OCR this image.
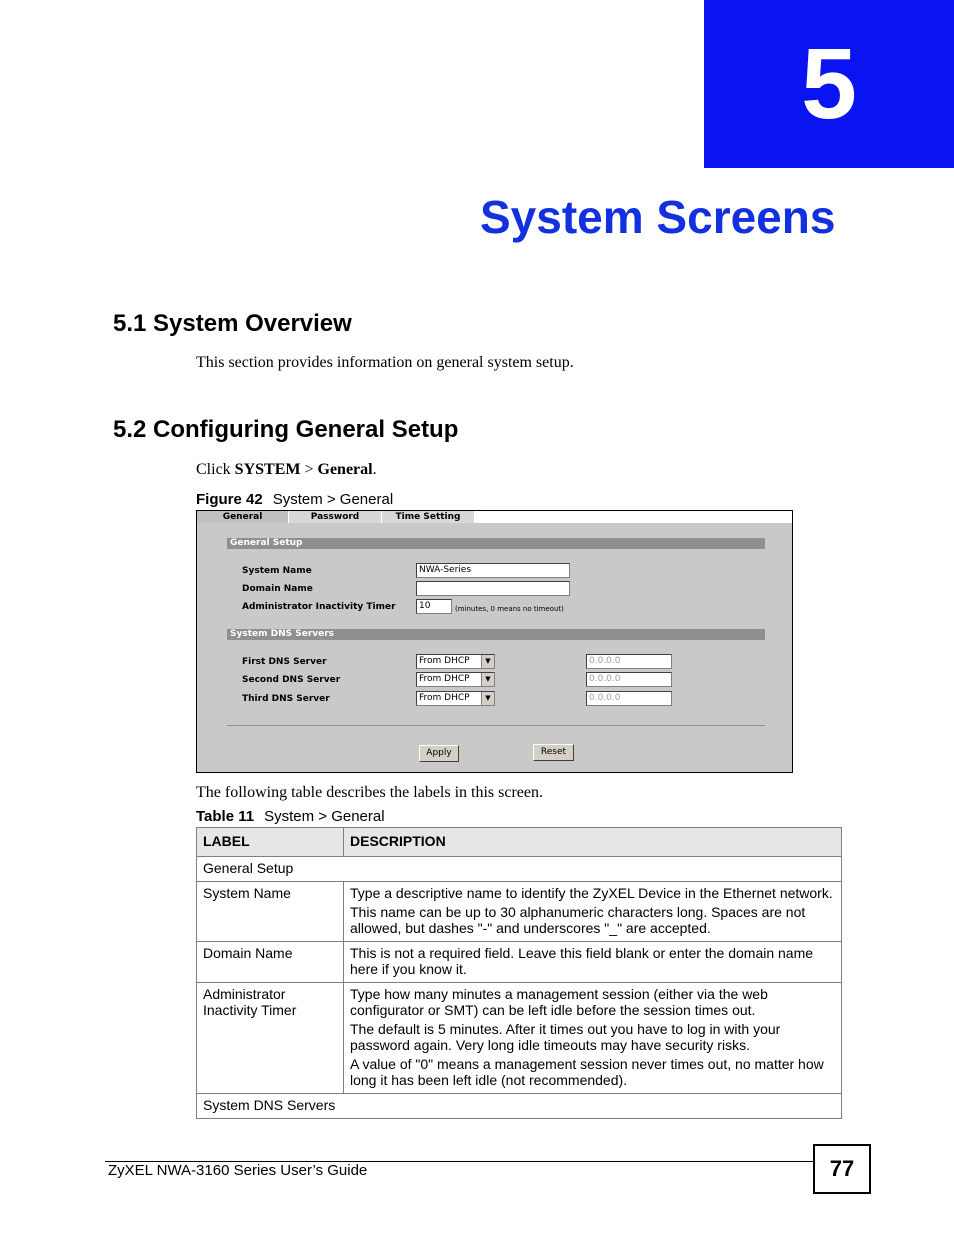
5
System Screens
5.1 System Overview
This section provides information on general system setup.
5.2 Configuring General Setup
Click SYSTEM > General.
Figure 42 System > General
General	Password	Time Setting
General Setup
System Name	NWA-Series
Domain Name
Administrator Inactivity Timer	10	(minutes, 0 means no timeout)
System DNS Servers
First DNS Server	From DHCP	▼	0.0.0.0
Second DNS Server	From DHCP	▼	0.0.0.0
Third DNS Server	From DHCP	▼	0.0.0.0
Apply	Reset
The following table describes the labels in this screen.
Table 11 System > General
LABEL	DESCRIPTION
General Setup	
System Name	Type a descriptive name to identify the ZyXEL Device in the Ethernet network.

This name can be up to 30 alphanumeric characters long. Spaces are not allowed, but dashes "-" and underscores "_" are accepted.

Domain Name	This is not a required field. Leave this field blank or enter the domain name here if you know it.

Administrator Inactivity Timer	Type how many minutes a management session (either via the web configurator or SMT) can be left idle before the session times out.

The default is 5 minutes. After it times out you have to log in with your password again. Very long idle timeouts may have security risks.

A value of "0" means a management session never times out, no matter how long it has been left idle (not recommended).

System DNS Servers	
ZyXEL NWA-3160 Series User’s Guide	77
